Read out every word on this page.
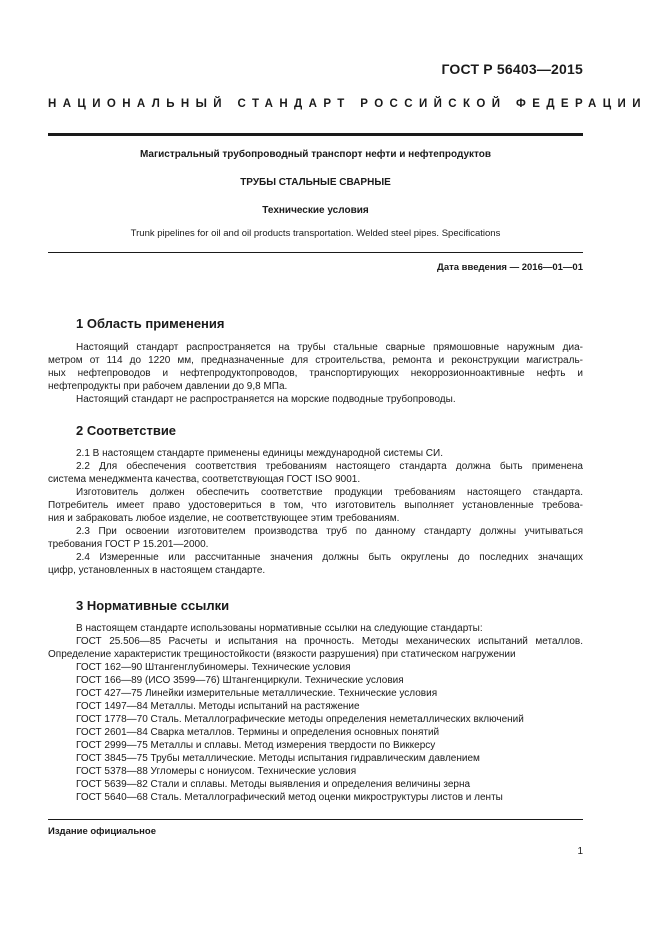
ГОСТ Р 56403—2015
НАЦИОНАЛЬНЫЙ СТАНДАРТ РОССИЙСКОЙ ФЕДЕРАЦИИ
Магистральный трубопроводный транспорт нефти и нефтепродуктов
ТРУБЫ СТАЛЬНЫЕ СВАРНЫЕ
Технические условия
Trunk pipelines for oil and oil products transportation. Welded steel pipes. Specifications
Дата введения — 2016—01—01
1 Область применения
Настоящий стандарт распространяется на трубы стальные сварные прямошовные наружным диа-
метром от 114 до 1220 мм, предназначенные для строительства, ремонта и реконструкции магистраль-
ных нефтепроводов и нефтепродуктопроводов, транспортирующих некоррозионноактивные нефть и
нефтепродукты при рабочем давлении до 9,8 МПа.
Настоящий стандарт не распространяется на морские подводные трубопроводы.
2 Соответствие
2.1 В настоящем стандарте применены единицы международной системы СИ.
2.2 Для обеспечения соответствия требованиям настоящего стандарта должна быть применена
система менеджмента качества, соответствующая ГОСТ ISO 9001.
Изготовитель должен обеспечить соответствие продукции требованиям настоящего стандарта.
Потребитель имеет право удостовериться в том, что изготовитель выполняет установленные требова-
ния и забраковать любое изделие, не соответствующее этим требованиям.
2.3 При освоении изготовителем производства труб по данному стандарту должны учитываться
требования ГОСТ Р 15.201—2000.
2.4 Измеренные или рассчитанные значения должны быть округлены до последних значащих
цифр, установленных в настоящем стандарте.
3 Нормативные ссылки
В настоящем стандарте использованы нормативные ссылки на следующие стандарты:
ГОСТ 25.506—85 Расчеты и испытания на прочность. Методы механических испытаний металлов.
Определение характеристик трещиностойкости (вязкости разрушения) при статическом нагружении
ГОСТ 162—90 Штангенглубиномеры. Технические условия
ГОСТ 166—89 (ИСО 3599—76) Штангенциркули. Технические условия
ГОСТ 427—75 Линейки измерительные металлические. Технические условия
ГОСТ 1497—84 Металлы. Методы испытаний на растяжение
ГОСТ 1778—70 Сталь. Металлографические методы определения неметаллических включений
ГОСТ 2601—84 Сварка металлов. Термины и определения основных понятий
ГОСТ 2999—75 Металлы и сплавы. Метод измерения твердости по Виккерсу
ГОСТ 3845—75 Трубы металлические. Методы испытания гидравлическим давлением
ГОСТ 5378—88 Угломеры с нониусом. Технические условия
ГОСТ 5639—82 Стали и сплавы. Методы выявления и определения величины зерна
ГОСТ 5640—68 Сталь. Металлографический метод оценки микроструктуры листов и ленты
Издание официальное
1
